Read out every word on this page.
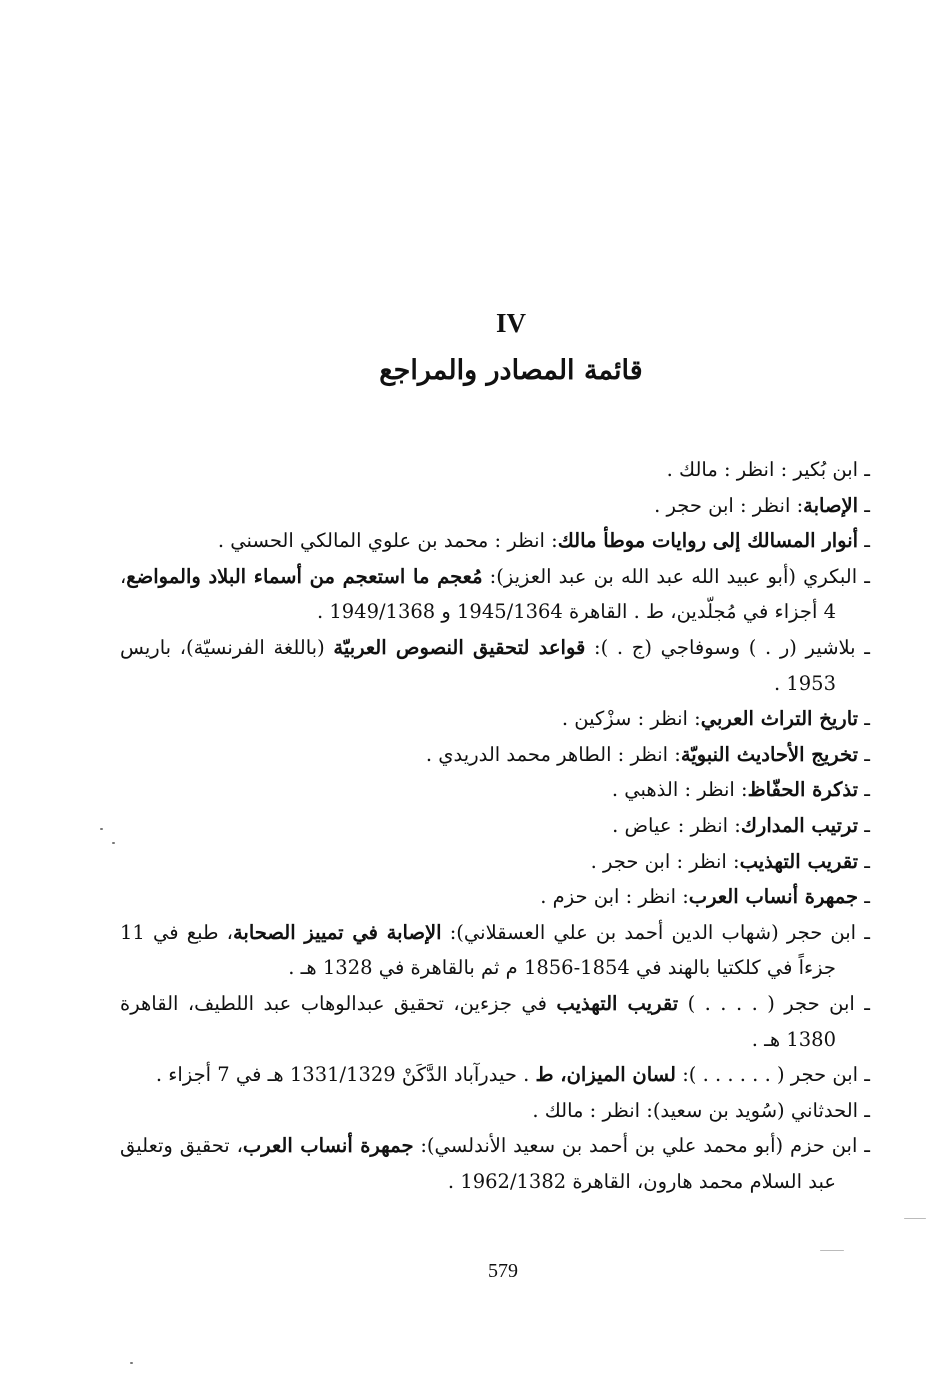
IV
قائمة المصادر والمراجع

ـ ابن بُكير : انظر : مالك .

ـ الإصابة: انظر : ابن حجر .

ـ أنوار المسالك إلى روايات موطأ مالك: انظر : محمد بن علوي المالكي الحسني .

ـ البكري (أبو عبيد الله عبد الله بن عبد العزيز): مُعجم ما استعجم من أسماء البلاد والمواضع، 4 أجزاء في مُجلّدين، ط . القاهرة 1945/1364 و 1949/1368 .

ـ بلاشير (ر . ) وسوفاجي (ج . ): قواعد لتحقيق النصوص العربيّة (باللغة الفرنسيّة)، باريس 1953 .

ـ تاريخ التراث العربي: انظر : سزْكين .

ـ تخريج الأحاديث النبويّة: انظر : الطاهر محمد الدريدي .

ـ تذكرة الحفّاظ: انظر : الذهبي .

ـ ترتيب المدارك: انظر : عياض .

ـ تقريب التهذيب: انظر : ابن حجر .

ـ جمهرة أنساب العرب: انظر : ابن حزم .

ـ ابن حجر (شهاب الدين أحمد بن علي العسقلاني): الإصابة في تمييز الصحابة، طبع في 11 جزءاً في كلكتيا بالهند في 1854-1856 م ثم بالقاهرة في 1328 هـ .

ـ ابن حجر ( . . . . ) تقريب التهذيب في جزءين، تحقيق عبدالوهاب عبد اللطيف، القاهرة 1380 هـ .

ـ ابن حجر ( . . . . . . ): لسان الميزان، ط . حيدرآباد الدَّكَنْ 1331/1329 هـ في 7 أجزاء .

ـ الحدثاني (سُويد بن سعيد): انظر : مالك .

ـ ابن حزم (أبو محمد علي بن أحمد بن سعيد الأندلسي): جمهرة أنساب العرب، تحقيق وتعليق عبد السلام محمد هارون، القاهرة 1962/1382 .

579
